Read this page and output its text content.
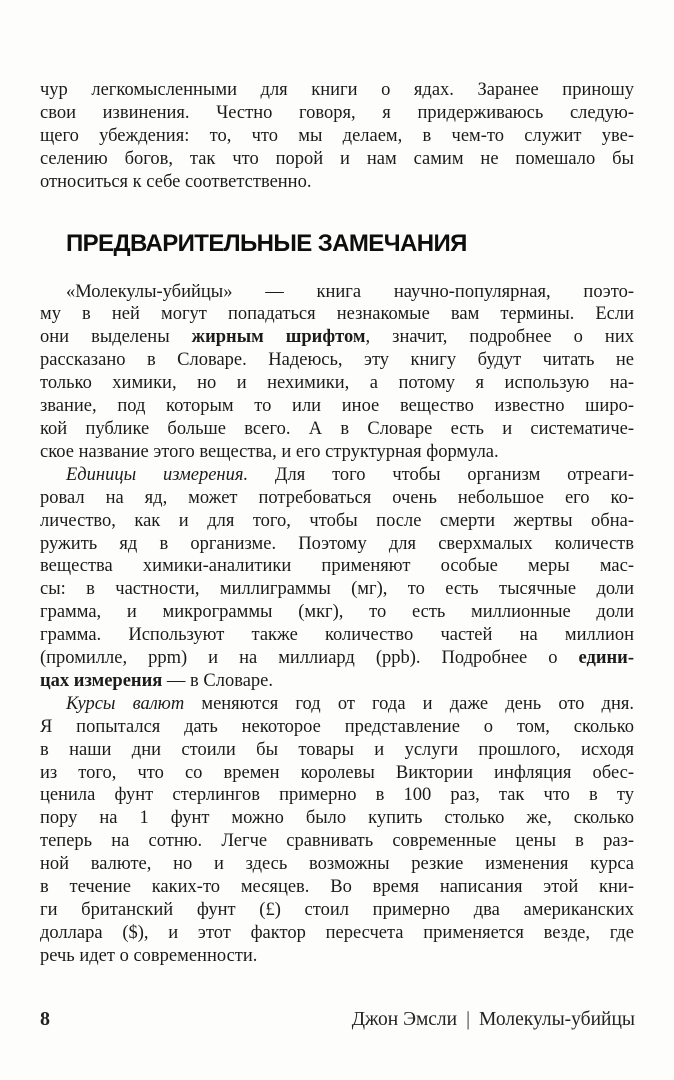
чур легкомысленными для книги о ядах. Заранее приношу
свои извинения. Честно говоря, я придерживаюсь следую-
щего убеждения: то, что мы делаем, в чем-то служит уве-
селению богов, так что порой и нам самим не помешало бы
относиться к себе соответственно.
ПРЕДВАРИТЕЛЬНЫЕ ЗАМЕЧАНИЯ
«Молекулы-убийцы» — книга научно-популярная, поэто-
му в ней могут попадаться незнакомые вам термины. Если
они выделены жирным шрифтом, значит, подробнее о них
рассказано в Словаре. Надеюсь, эту книгу будут читать не
только химики, но и нехимики, а потому я использую на-
звание, под которым то или иное вещество известно широ-
кой публике больше всего. А в Словаре есть и систематиче-
ское название этого вещества, и его структурная формула.
Единицы измерения. Для того чтобы организм отреаги-
ровал на яд, может потребоваться очень небольшое его ко-
личество, как и для того, чтобы после смерти жертвы обна-
ружить яд в организме. Поэтому для сверхмалых количеств
вещества химики-аналитики применяют особые меры мас-
сы: в частности, миллиграммы (мг), то есть тысячные доли
грамма, и микрограммы (мкг), то есть миллионные доли
грамма. Используют также количество частей на миллион
(промилле, ppm) и на миллиард (ppb). Подробнее о едини-
цах измерения — в Словаре.
Курсы валют меняются год от года и даже день ото дня.
Я попытался дать некоторое представление о том, сколько
в наши дни стоили бы товары и услуги прошлого, исходя
из того, что со времен королевы Виктории инфляция обес-
ценила фунт стерлингов примерно в 100 раз, так что в ту
пору на 1 фунт можно было купить столько же, сколько
теперь на сотню. Легче сравнивать современные цены в раз-
ной валюте, но и здесь возможны резкие изменения курса
в течение каких-то месяцев. Во время написания этой кни-
ги британский фунт (£) стоил примерно два американских
доллара ($), и этот фактор пересчета применяется везде, где
речь идет о современности.
8	Джон Эмсли | Молекулы-убийцы
